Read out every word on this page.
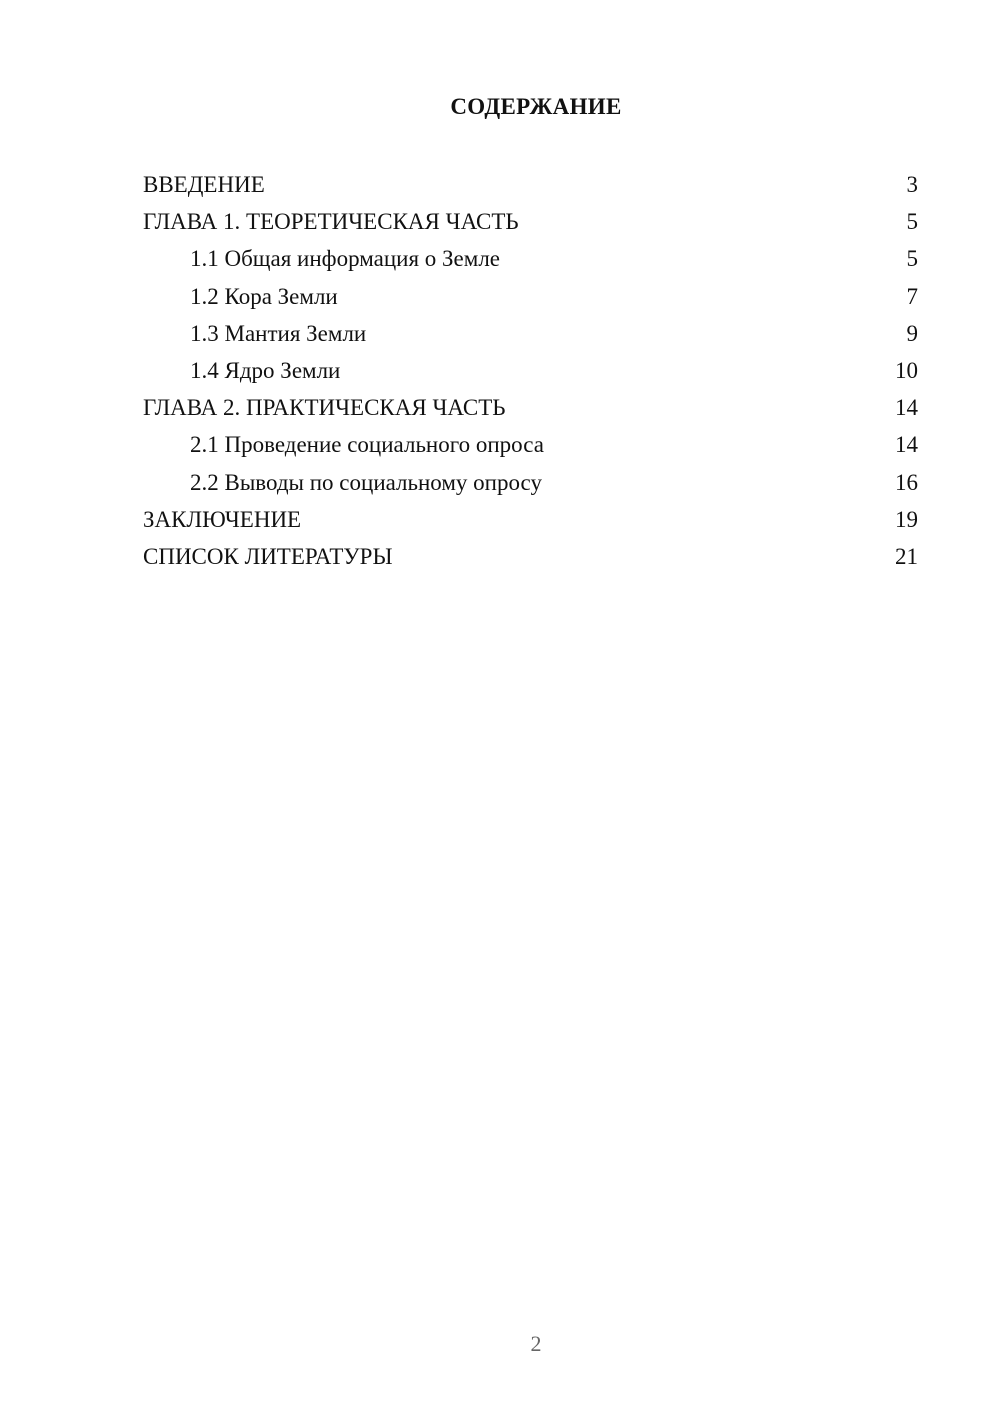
СОДЕРЖАНИЕ
ВВЕДЕНИЕ	3
ГЛАВА 1. ТЕОРЕТИЧЕСКАЯ ЧАСТЬ	5
1.1 Общая информация о Земле	5
1.2 Кора Земли	7
1.3 Мантия Земли	9
1.4 Ядро Земли	10
ГЛАВА 2. ПРАКТИЧЕСКАЯ ЧАСТЬ	14
2.1 Проведение социального опроса	14
2.2 Выводы по социальному опросу	16
ЗАКЛЮЧЕНИЕ	19
СПИСОК ЛИТЕРАТУРЫ	21
2
